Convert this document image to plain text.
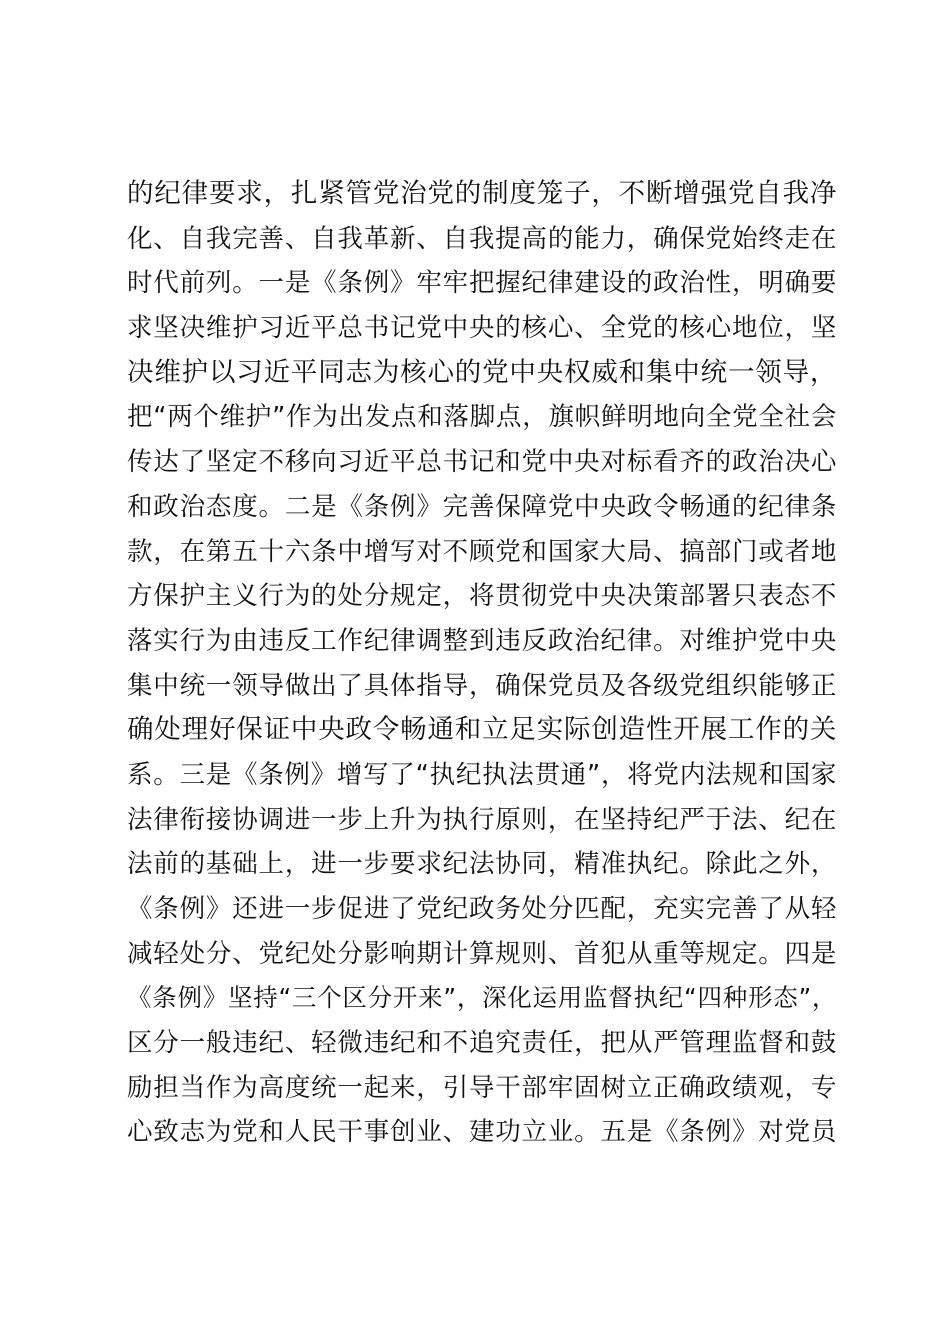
的纪律要求，扎紧管党治党的制度笼子，不断增强党自我净
化、自我完善、自我革新、自我提高的能力，确保党始终走在
时代前列。一是《条例》牢牢把握纪律建设的政治性，明确要
求坚决维护习近平总书记党中央的核心、全党的核心地位，坚
决维护以习近平同志为核心的党中央权威和集中统一领导，
把“两个维护”作为出发点和落脚点，旗帜鲜明地向全党全社会
传达了坚定不移向习近平总书记和党中央对标看齐的政治决心
和政治态度。二是《条例》完善保障党中央政令畅通的纪律条
款，在第五十六条中增写对不顾党和国家大局、搞部门或者地
方保护主义行为的处分规定，将贯彻党中央决策部署只表态不
落实行为由违反工作纪律调整到违反政治纪律。对维护党中央
集中统一领导做出了具体指导，确保党员及各级党组织能够正
确处理好保证中央政令畅通和立足实际创造性开展工作的关
系。三是《条例》增写了“执纪执法贯通”，将党内法规和国家
法律衔接协调进一步上升为执行原则，在坚持纪严于法、纪在
法前的基础上，进一步要求纪法协同，精准执纪。除此之外，
《条例》还进一步促进了党纪政务处分匹配，充实完善了从轻
减轻处分、党纪处分影响期计算规则、首犯从重等规定。四是
《条例》坚持“三个区分开来”，深化运用监督执纪“四种形态”，
区分一般违纪、轻微违纪和不追究责任，把从严管理监督和鼓
励担当作为高度统一起来，引导干部牢固树立正确政绩观，专
心致志为党和人民干事创业、建功立业。五是《条例》对党员
